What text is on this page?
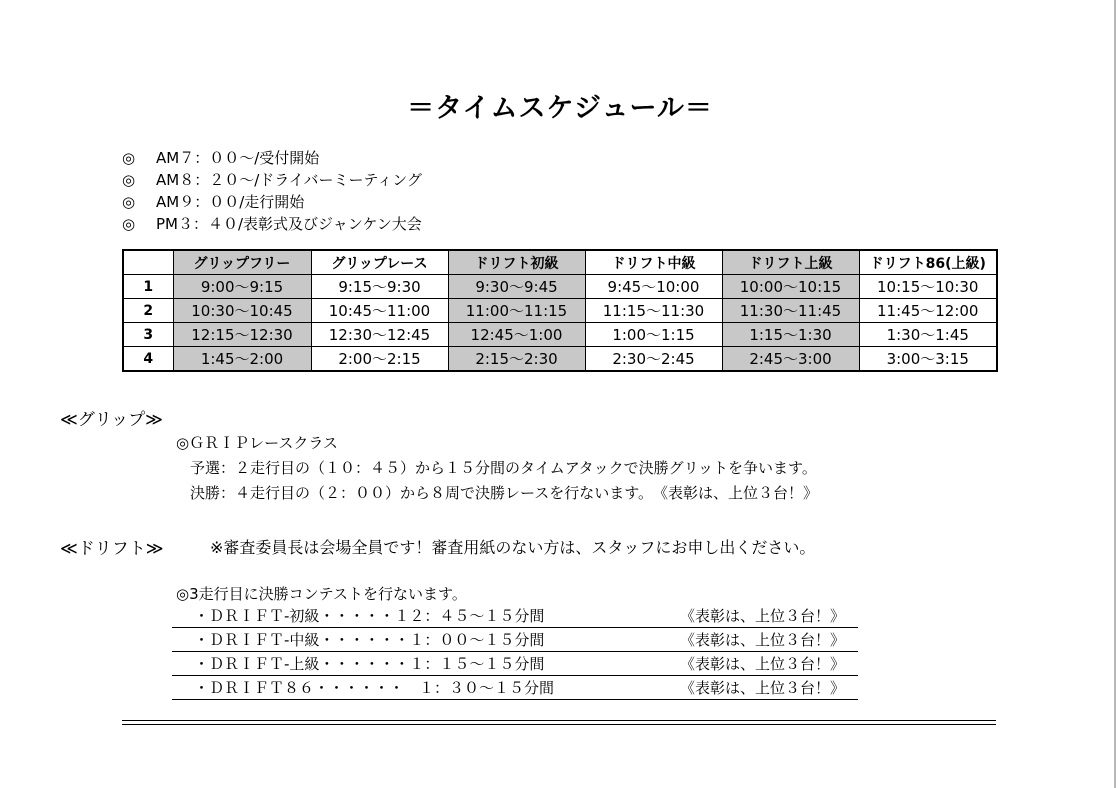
＝タイムスケジュール＝
◎ AM７：００～/受付開始
◎ AM８：２０～/ドライバーミーティング
◎ AM９：００/走行開始
◎ PM３：４０/表彰式及びジャンケン大会
	グリップフリー	グリップレース	ドリフト初級	ドリフト中級	ドリフト上級	ドリフト86(上級)
1	9:00～9:15	9:15～9:30	9:30～9:45	9:45～10:00	10:00～10:15	10:15～10:30
2	10:30～10:45	10:45～11:00	11:00～11:15	11:15～11:30	11:30～11:45	11:45～12:00
3	12:15～12:30	12:30～12:45	12:45～1:00	1:00～1:15	1:15～1:30	1:30～1:45
4	1:45～2:00	2:00～2:15	2:15～2:30	2:30～2:45	2:45～3:00	3:00～3:15
≪グリップ≫
◎ＧＲＩＰレースクラス
予選：２走行目の（１０：４５）から１５分間のタイムアタックで決勝グリットを争います。
決勝：４走行目の（２：００）から８周で決勝レースを行ないます。　《表彰は、上位３台！》
≪ドリフト≫	※審査委員長は会場全員です！審査用紙のない方は、スタッフにお申し出ください。
◎3走行目に決勝コンテストを行ないます。
・ＤＲＩＦＴ-初級・・・・・１２：４５～１５分間	《表彰は、上位３台！》
・ＤＲＩＦＴ-中級・・・・・・１：００～１５分間	《表彰は、上位３台！》
・ＤＲＩＦＴ-上級・・・・・・１：１５～１５分間	《表彰は、上位３台！》
・ＤＲＩＦＴ８６・・・・・・　１：３０～１５分間	《表彰は、上位３台！》
